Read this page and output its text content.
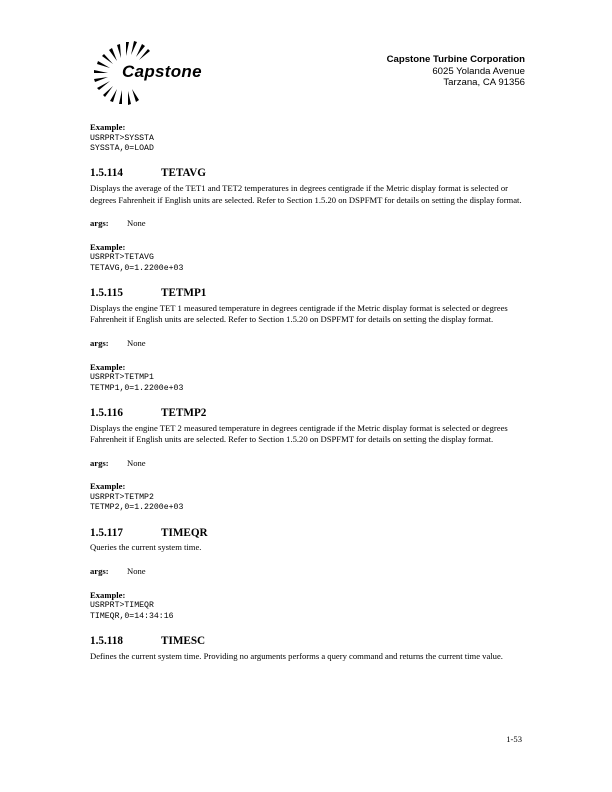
Capstone
Capstone Turbine Corporation
6025 Yolanda Avenue
Tarzana, CA 91356
Example:
USRPRT>SYSSTA
SYSSTA,0=LOAD
1.5.114	TETAVG

Displays the average of the TET1 and TET2 temperatures in degrees centigrade if the Metric display format is selected or degrees Fahrenheit if English units are selected. Refer to Section 1.5.20 on DSPFMT for details on setting the display format.

args:	None
Example:
USRPRT>TETAVG
TETAVG,0=1.2200e+03
1.5.115	TETMP1

Displays the engine TET 1 measured temperature in degrees centigrade if the Metric display format is selected or degrees Fahrenheit if English units are selected. Refer to Section 1.5.20 on DSPFMT for details on setting the display format.

args:	None
Example:
USRPRT>TETMP1
TETMP1,0=1.2200e+03
1.5.116	TETMP2

Displays the engine TET 2 measured temperature in degrees centigrade if the Metric display format is selected or degrees Fahrenheit if English units are selected. Refer to Section 1.5.20 on DSPFMT for details on setting the display format.

args:	None
Example:
USRPRT>TETMP2
TETMP2,0=1.2200e+03
1.5.117	TIMEQR

Queries the current system time.

args:	None
Example:
USRPRT>TIMEQR
TIMEQR,0=14:34:16
1.5.118	TIMESC

Defines the current system time. Providing no arguments performs a query command and returns the current time value.

1-53
